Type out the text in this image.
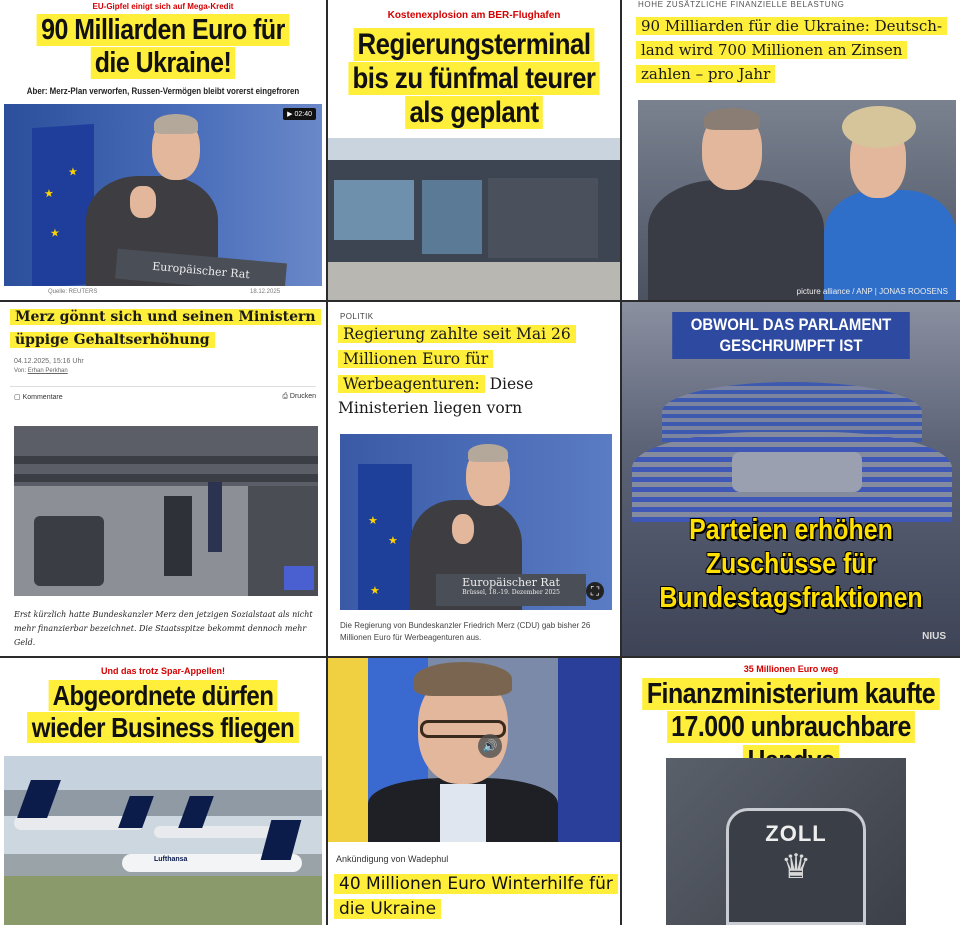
EU-Gipfel einigt sich auf Mega-Kredit
90 Milliarden Euro für die Ukraine!
Aber: Merz-Plan verworfen, Russen-Vermögen bleibt vorerst eingefroren
★
★
★
Europäischer Rat
▶ 02:40
Quelle: REUTERS	18.12.2025
Kostenexplosion am BER-Flughafen
Regierungsterminal bis zu fünfmal teurer als geplant
HOHE ZUSÄTZLICHE FINANZIELLE BELASTUNG
90 Milliarden für die Ukraine: Deutschland wird 700 Millionen an Zinsen zahlen – pro Jahr
picture alliance / ANP | JONAS ROOSENS
Merz gönnt sich und seinen Ministern üppige Gehaltserhöhung
04.12.2025, 15:16 Uhr
Von: Erhan Perkhan
▢ Kommentare	⎙ Drucken
Erst kürzlich hatte Bundeskanzler Merz den jetzigen Sozialstaat als nicht mehr finanzierbar bezeichnet. Die Staatsspitze bekommt dennoch mehr Geld.
POLITIK
Regierung zahlte seit Mai 26 Millionen Euro für Werbeagenturen: Diese Ministerien liegen vorn
★
★
★
Europäischer Rat
Brüssel, 18.-19. Dezember 2025	⛶
Die Regierung von Bundeskanzler Friedrich Merz (CDU) gab bisher 26 Millionen Euro für Werbeagenturen aus.
OBWOHL DAS PARLAMENT GESCHRUMPFT IST
Parteien erhöhen Zuschüsse für Bundestagsfraktionen
NIUS
Und das trotz Spar-Appellen!
Abgeordnete dürfen wieder Business fliegen
Lufthansa
🔊
Ankündigung von Wadephul
40 Millionen Euro Winterhilfe für die Ukraine
35 Millionen Euro weg
Finanzministerium kaufte 17.000 unbrauchbare
ZOLL
♛
